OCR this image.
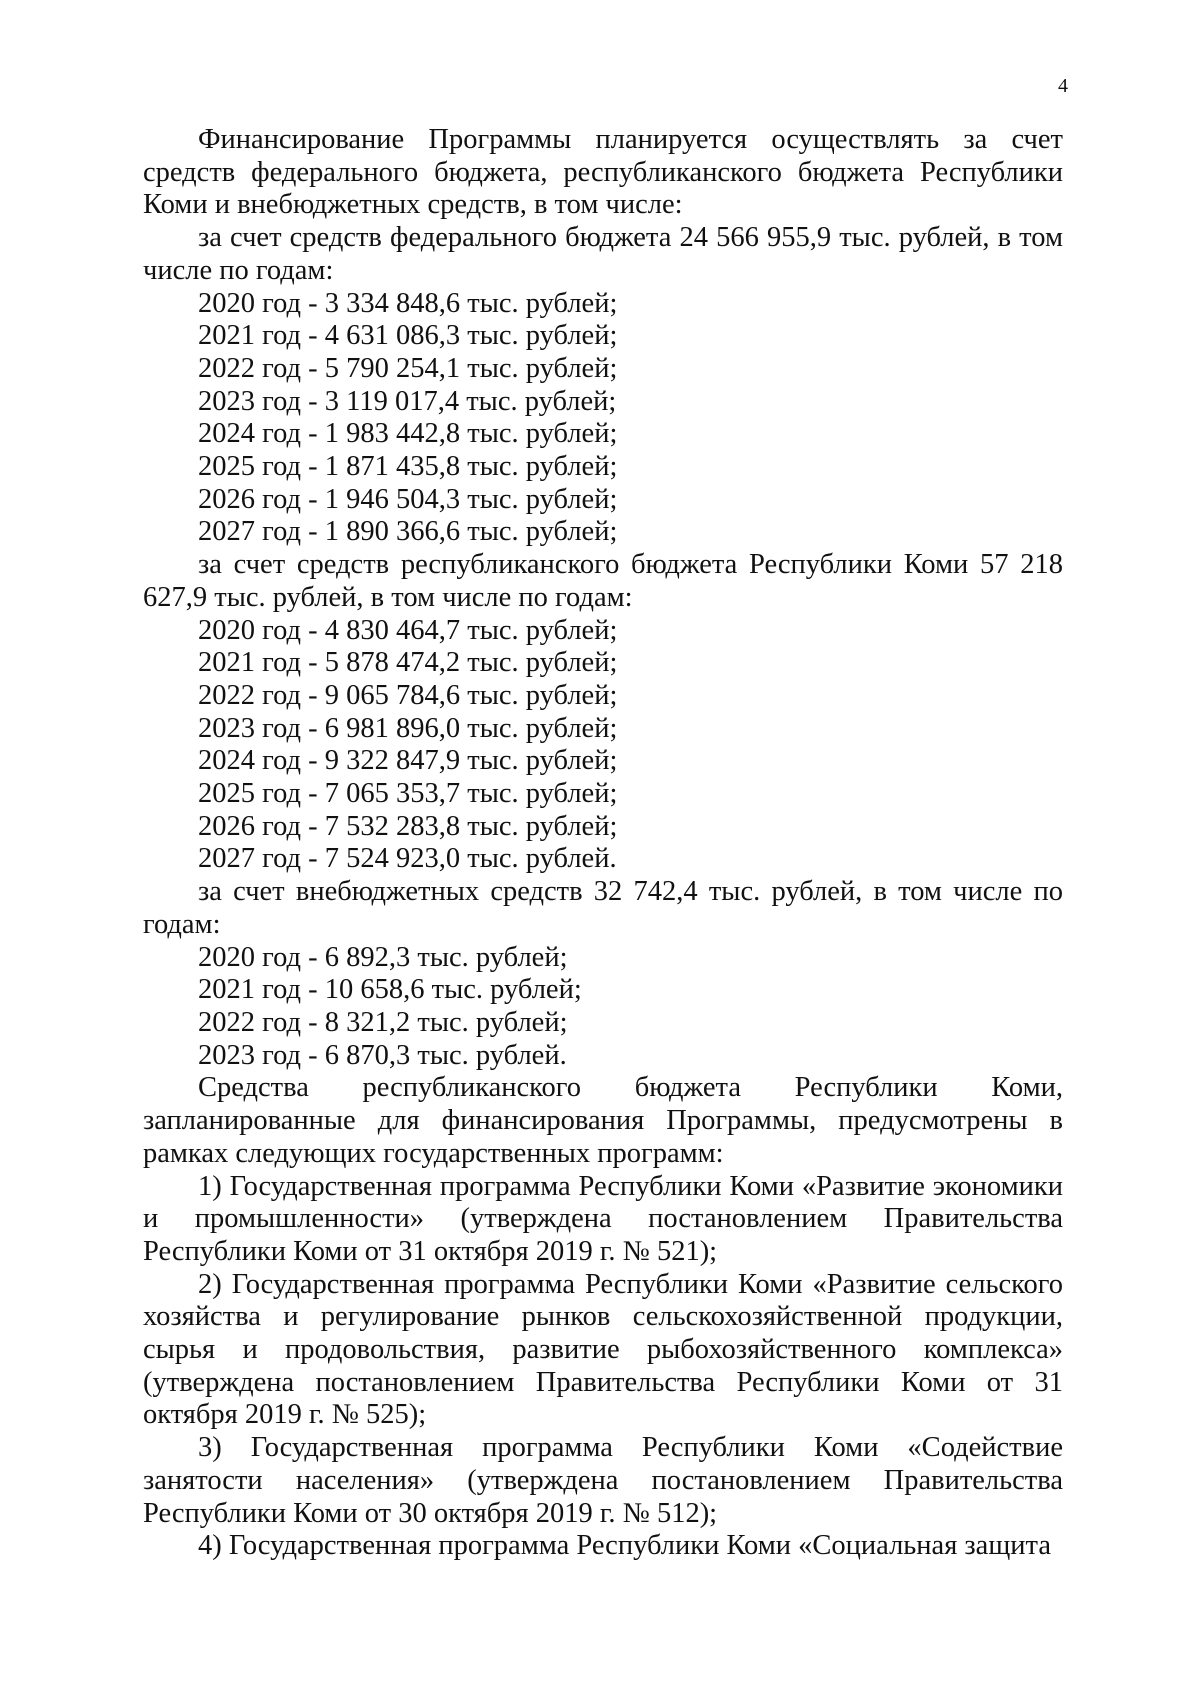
4

Финансирование Программы планируется осуществлять за счет средств федерального бюджета, республиканского бюджета Республики Коми и внебюджетных средств, в том числе:

за счет средств федерального бюджета 24 566 955,9 тыс. рублей, в том числе по годам:

2020 год - 3 334 848,6 тыс. рублей;
2021 год - 4 631 086,3 тыс. рублей;
2022 год - 5 790 254,1 тыс. рублей;
2023 год - 3 119 017,4 тыс. рублей;
2024 год - 1 983 442,8 тыс. рублей;
2025 год - 1 871 435,8 тыс. рублей;
2026 год - 1 946 504,3 тыс. рублей;
2027 год - 1 890 366,6 тыс. рублей;

за счет средств республиканского бюджета Республики Коми 57 218 627,9 тыс. рублей, в том числе по годам:

2020 год - 4 830 464,7 тыс. рублей;
2021 год - 5 878 474,2 тыс. рублей;
2022 год - 9 065 784,6 тыс. рублей;
2023 год - 6 981 896,0 тыс. рублей;
2024 год - 9 322 847,9 тыс. рублей;
2025 год - 7 065 353,7 тыс. рублей;
2026 год - 7 532 283,8 тыс. рублей;
2027 год - 7 524 923,0 тыс. рублей.

за счет внебюджетных средств 32 742,4 тыс. рублей, в том числе по годам:

2020 год - 6 892,3 тыс. рублей;
2021 год - 10 658,6 тыс. рублей;
2022 год - 8 321,2 тыс. рублей;
2023 год - 6 870,3 тыс. рублей.

Средства республиканского бюджета Республики Коми, запланированные для финансирования Программы, предусмотрены в рамках следующих государственных программ:

1) Государственная программа Республики Коми «Развитие экономики и промышленности» (утверждена постановлением Правительства Республики Коми от 31 октября 2019 г. № 521);

2) Государственная программа Республики Коми «Развитие сельского хозяйства и регулирование рынков сельскохозяйственной продукции, сырья и продовольствия, развитие рыбохозяйственного комплекса» (утверждена постановлением Правительства Республики Коми от 31 октября 2019 г. № 525);

3) Государственная программа Республики Коми «Содействие занятости населения» (утверждена постановлением Правительства Республики Коми от 30 октября 2019 г. № 512);

4) Государственная программа Республики Коми «Социальная защита
